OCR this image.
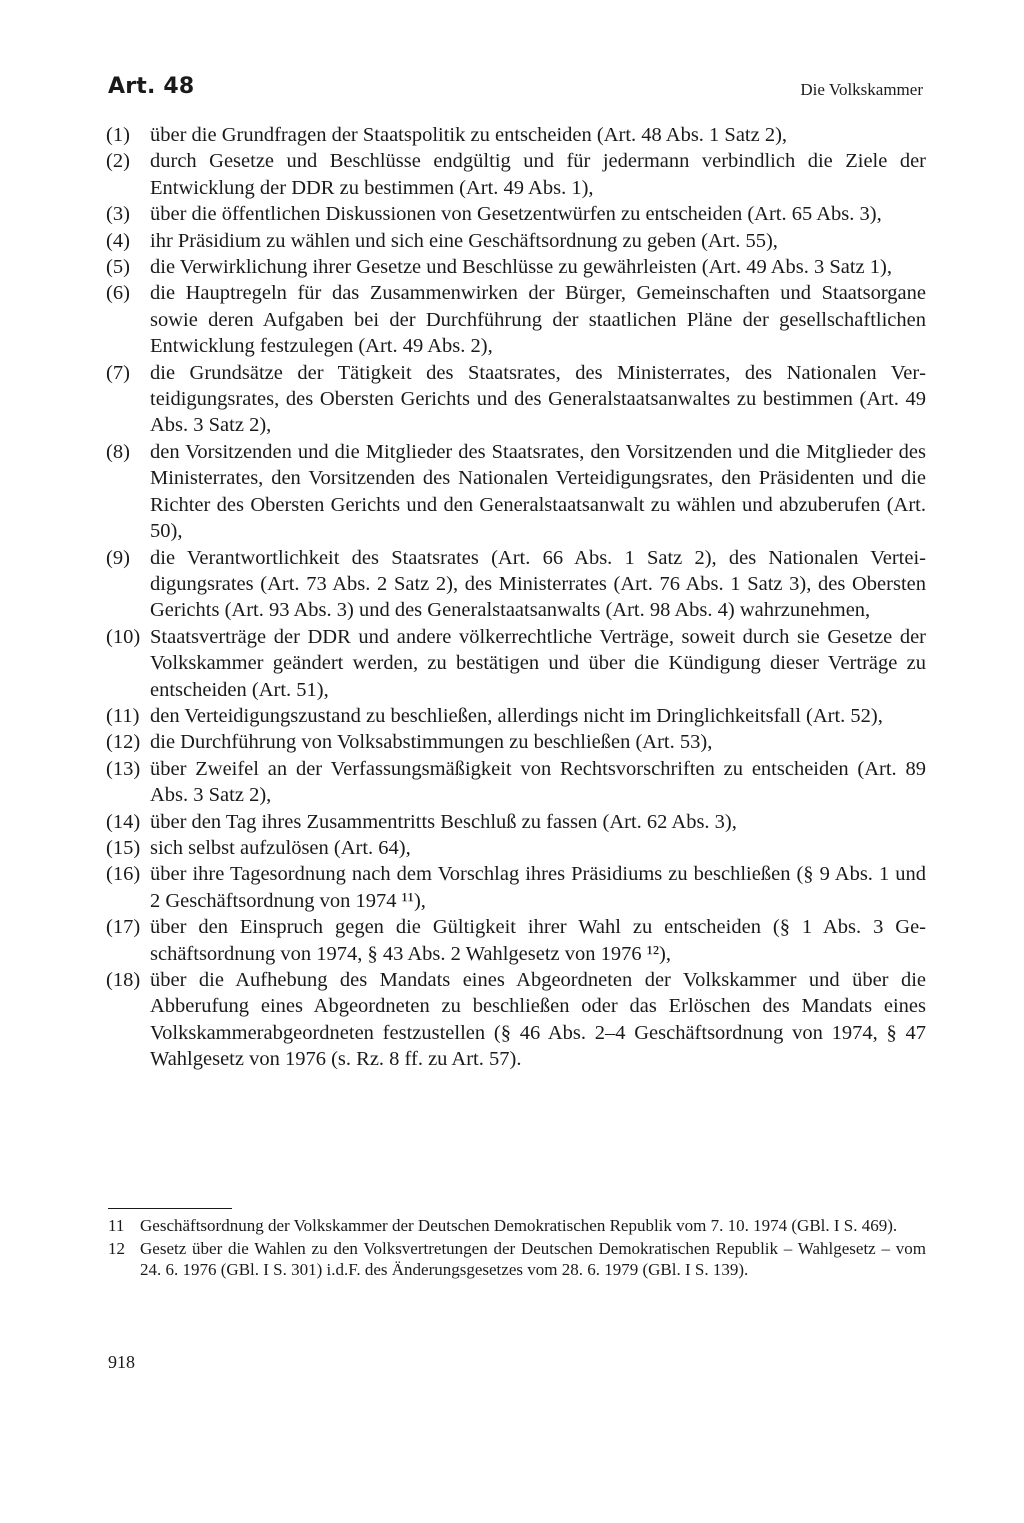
Art. 48	Die Volkskammer
(1) über die Grundfragen der Staatspolitik zu entscheiden (Art. 48 Abs. 1 Satz 2),
(2) durch Gesetze und Beschlüsse endgültig und für jedermann verbindlich die Ziele der Entwicklung der DDR zu bestimmen (Art. 49 Abs. 1),
(3) über die öffentlichen Diskussionen von Gesetzentwürfen zu entscheiden (Art. 65 Abs. 3),
(4) ihr Präsidium zu wählen und sich eine Geschäftsordnung zu geben (Art. 55),
(5) die Verwirklichung ihrer Gesetze und Beschlüsse zu gewährleisten (Art. 49 Abs. 3 Satz 1),
(6) die Hauptregeln für das Zusammenwirken der Bürger, Gemeinschaften und Staatsorgane sowie deren Aufgaben bei der Durchführung der staatlichen Pläne der gesellschaftlichen Entwicklung festzulegen (Art. 49 Abs. 2),
(7) die Grundsätze der Tätigkeit des Staatsrates, des Ministerrates, des Nationalen Verteidigungsrates, des Obersten Gerichts und des Generalstaatsanwaltes zu bestimmen (Art. 49 Abs. 3 Satz 2),
(8) den Vorsitzenden und die Mitglieder des Staatsrates, den Vorsitzenden und die Mitglieder des Ministerrates, den Vorsitzenden des Nationalen Verteidigungsrates, den Präsidenten und die Richter des Obersten Gerichts und den Generalstaatsanwalt zu wählen und abzuberufen (Art. 50),
(9) die Verantwortlichkeit des Staatsrates (Art. 66 Abs. 1 Satz 2), des Nationalen Verteidigungsrates (Art. 73 Abs. 2 Satz 2), des Ministerrates (Art. 76 Abs. 1 Satz 3), des Obersten Gerichts (Art. 93 Abs. 3) und des Generalstaatsanwalts (Art. 98 Abs. 4) wahrzunehmen,
(10) Staatsverträge der DDR und andere völkerrechtliche Verträge, soweit durch sie Gesetze der Volkskammer geändert werden, zu bestätigen und über die Kündigung dieser Verträge zu entscheiden (Art. 51),
(11) den Verteidigungszustand zu beschließen, allerdings nicht im Dringlichkeitsfall (Art. 52),
(12) die Durchführung von Volksabstimmungen zu beschließen (Art. 53),
(13) über Zweifel an der Verfassungsmäßigkeit von Rechtsvorschriften zu entscheiden (Art. 89 Abs. 3 Satz 2),
(14) über den Tag ihres Zusammentritts Beschluß zu fassen (Art. 62 Abs. 3),
(15) sich selbst aufzulösen (Art. 64),
(16) über ihre Tagesordnung nach dem Vorschlag ihres Präsidiums zu beschließen (§ 9 Abs. 1 und 2 Geschäftsordnung von 1974 ¹¹),
(17) über den Einspruch gegen die Gültigkeit ihrer Wahl zu entscheiden (§ 1 Abs. 3 Geschäftsordnung von 1974, § 43 Abs. 2 Wahlgesetz von 1976 ¹²),
(18) über die Aufhebung des Mandats eines Abgeordneten der Volkskammer und über die Abberufung eines Abgeordneten zu beschließen oder das Erlöschen des Mandats eines Volkskammerabgeordneten festzustellen (§ 46 Abs. 2–4 Geschäftsordnung von 1974, § 47 Wahlgesetz von 1976 (s. Rz. 8 ff. zu Art. 57).
11 Geschäftsordnung der Volkskammer der Deutschen Demokratischen Republik vom 7. 10. 1974 (GBl. I S. 469).
12 Gesetz über die Wahlen zu den Volksvertretungen der Deutschen Demokratischen Republik – Wahlgesetz – vom 24. 6. 1976 (GBl. I S. 301) i.d.F. des Änderungsgesetzes vom 28. 6. 1979 (GBl. I S. 139).
918
